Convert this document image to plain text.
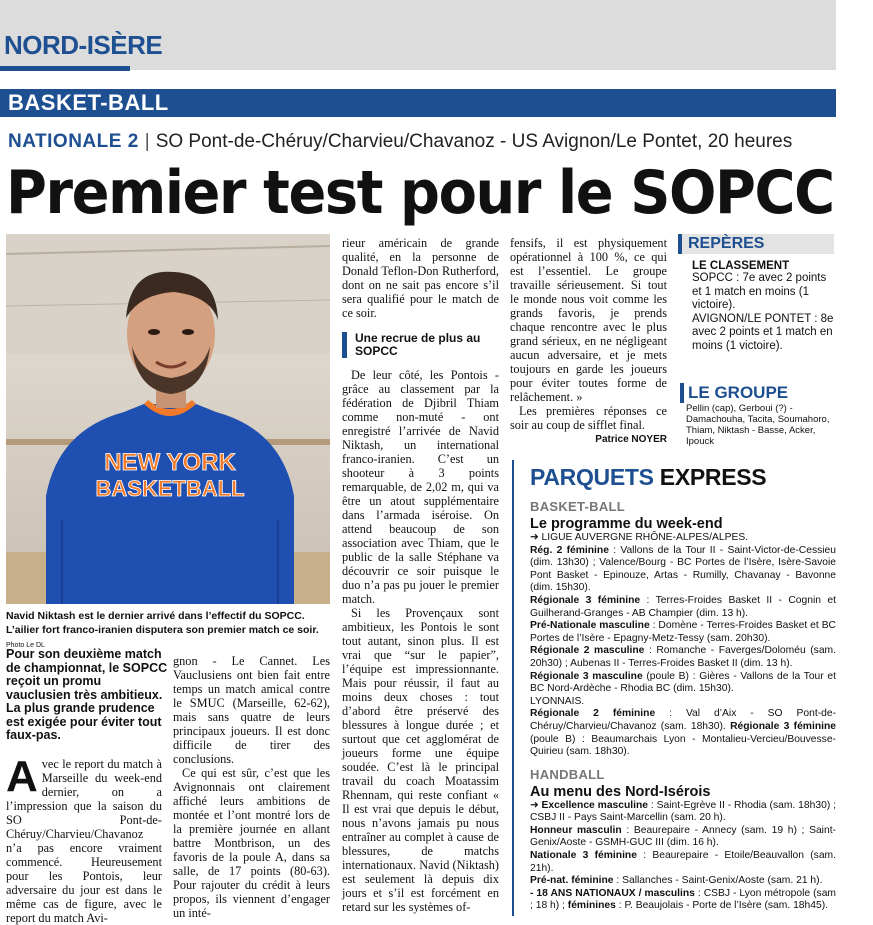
NORD-ISÈRE
BASKET-BALL
NATIONALE 2 | SO Pont-de-Chéruy/Charvieu/Chavanoz - US Avignon/Le Pontet, 20 heures
Premier test pour le SOPCC
NEW YORK
BASKETBALL
Navid Niktash est le dernier arrivé dans l’effectif du SOPCC. L’ailier fort franco-iranien disputera son premier match ce soir. Photo Le DL
Pour son deuxième match de championnat, le SOPCC reçoit un promu vauclusien très ambitieux. La plus grande prudence est exigée pour éviter tout faux-pas.

Avec le report du match à Marseille du week-end dernier, on a l’impression que la saison du SO Pont-de-Chéruy/Charvieu/Chavanoz n’a pas encore vraiment commencé. Heureusement pour les Pontois, leur adversaire du jour est dans le même cas de figure, avec le report du match Avi-

gnon - Le Cannet. Les Vauclusiens ont bien fait entre temps un match amical contre le SMUC (Marseille, 62-62), mais sans quatre de leurs principaux joueurs. Il est donc difficile de tirer des conclusions.

Ce qui est sûr, c’est que les Avignonnais ont clairement affiché leurs ambitions de montée et l’ont montré lors de la première journée en allant battre Montbrison, un des favoris de la poule A, dans sa salle, de 17 points (80-63). Pour rajouter du crédit à leurs propos, ils viennent d’engager un inté-

rieur américain de grande qualité, en la personne de Donald Teflon-Don Rutherford, dont on ne sait pas encore s’il sera qualifié pour le match de ce soir.

Une recrue de plus au SOPCC

De leur côté, les Pontois - grâce au classement par la fédération de Djibril Thiam comme non-muté - ont enregistré l’arrivée de Navid Niktash, un international franco-iranien. C’est un shooteur à 3 points remarquable, de 2,02 m, qui va être un atout supplémentaire dans l’armada iséroise. On attend beaucoup de son association avec Thiam, que le public de la salle Stéphane va découvrir ce soir puisque le duo n’a pas pu jouer le premier match.

Si les Provençaux sont ambitieux, les Pontois le sont tout autant, sinon plus. Il est vrai que “sur le papier”, l’équipe est impressionnante. Mais pour réussir, il faut au moins deux choses : tout d’abord être préservé des blessures à longue durée ; et surtout que cet agglomérat de joueurs forme une équipe soudée. C’est là le principal travail du coach Moatassim Rhennam, qui reste confiant « Il est vrai que depuis le début, nous n’avons jamais pu nous entraîner au complet à cause de blessures, de matchs internationaux. Navid (Niktash) est seulement là depuis dix jours et s’il est forcément en retard sur les systèmes of-

fensifs, il est physiquement opérationnel à 100 %, ce qui est l’essentiel. Le groupe travaille sérieusement. Si tout le monde nous voit comme les grands favoris, je prends chaque rencontre avec le plus grand sérieux, en ne négligeant aucun adversaire, et je mets toujours en garde les joueurs pour éviter toutes forme de relâchement. »

Les premières réponses ce soir au coup de sifflet final.

Patrice NOYER
REPÈRES
LE CLASSEMENT
SOPCC : 7e avec 2 points et 1 match en moins (1 victoire).
AVIGNON/LE PONTET : 8e avec 2 points et 1 match en moins (1 victoire).
LE GROUPE
Pellin (cap), Gerboui (?) - Damachouha, Tacita, Soumahoro, Thiam, Niktash - Basse, Acker, Ipouck
PARQUETS EXPRESS
BASKET-BALL
Le programme du week-end
➜ LIGUE AUVERGNE RHÔNE-ALPES/ALPES.
Rég. 2 féminine : Vallons de la Tour II - Saint-Victor-de-Cessieu (dim. 13h30) ; Valence/Bourg - BC Portes de l’Isère, Isère-Savoie Pont Basket - Epinouze, Artas - Rumilly, Chavanay - Bavonne (dim. 15h30).
Régionale 3 féminine : Terres-Froides Basket II - Cognin et Guilherand-Granges - AB Champier (dim. 13 h).
Pré-Nationale masculine : Domène - Terres-Froides Basket et BC Portes de l’Isère - Epagny-Metz-Tessy (sam. 20h30).
Régionale 2 masculine : Romanche - Faverges/Doloméu (sam. 20h30) ; Aubenas II - Terres-Froides Basket II (dim. 13 h).
Régionale 3 masculine (poule B) : Gières - Vallons de la Tour et BC Nord-Ardèche - Rhodia BC (dim. 15h30).
LYONNAIS.
Régionale 2 féminine : Val d’Aix - SO Pont-de-Chéruy/Charvieu/Chavanoz (sam. 18h30). Régionale 3 féminine (poule B) : Beaumarchais Lyon - Montalieu-Vercieu/Bouvesse-Quirieu (sam. 18h30).
HANDBALL
Au menu des Nord-Isérois
➜ Excellence masculine : Saint-Egrève II - Rhodia (sam. 18h30) ; CSBJ II - Pays Saint-Marcellin (sam. 20 h).
Honneur masculin : Beaurepaire - Annecy (sam. 19 h) ; Saint-Genix/Aoste - GSMH-GUC III (dim. 16 h).
Nationale 3 féminine : Beaurepaire - Etoile/Beauvallon (sam. 21h).
Pré-nat. féminine : Sallanches - Saint-Genix/Aoste (sam. 21 h).
- 18 ANS NATIONAUX / masculins : CSBJ - Lyon métropole (sam ; 18 h) ; féminines : P. Beaujolais - Porte de l’Isère (sam. 18h45).
